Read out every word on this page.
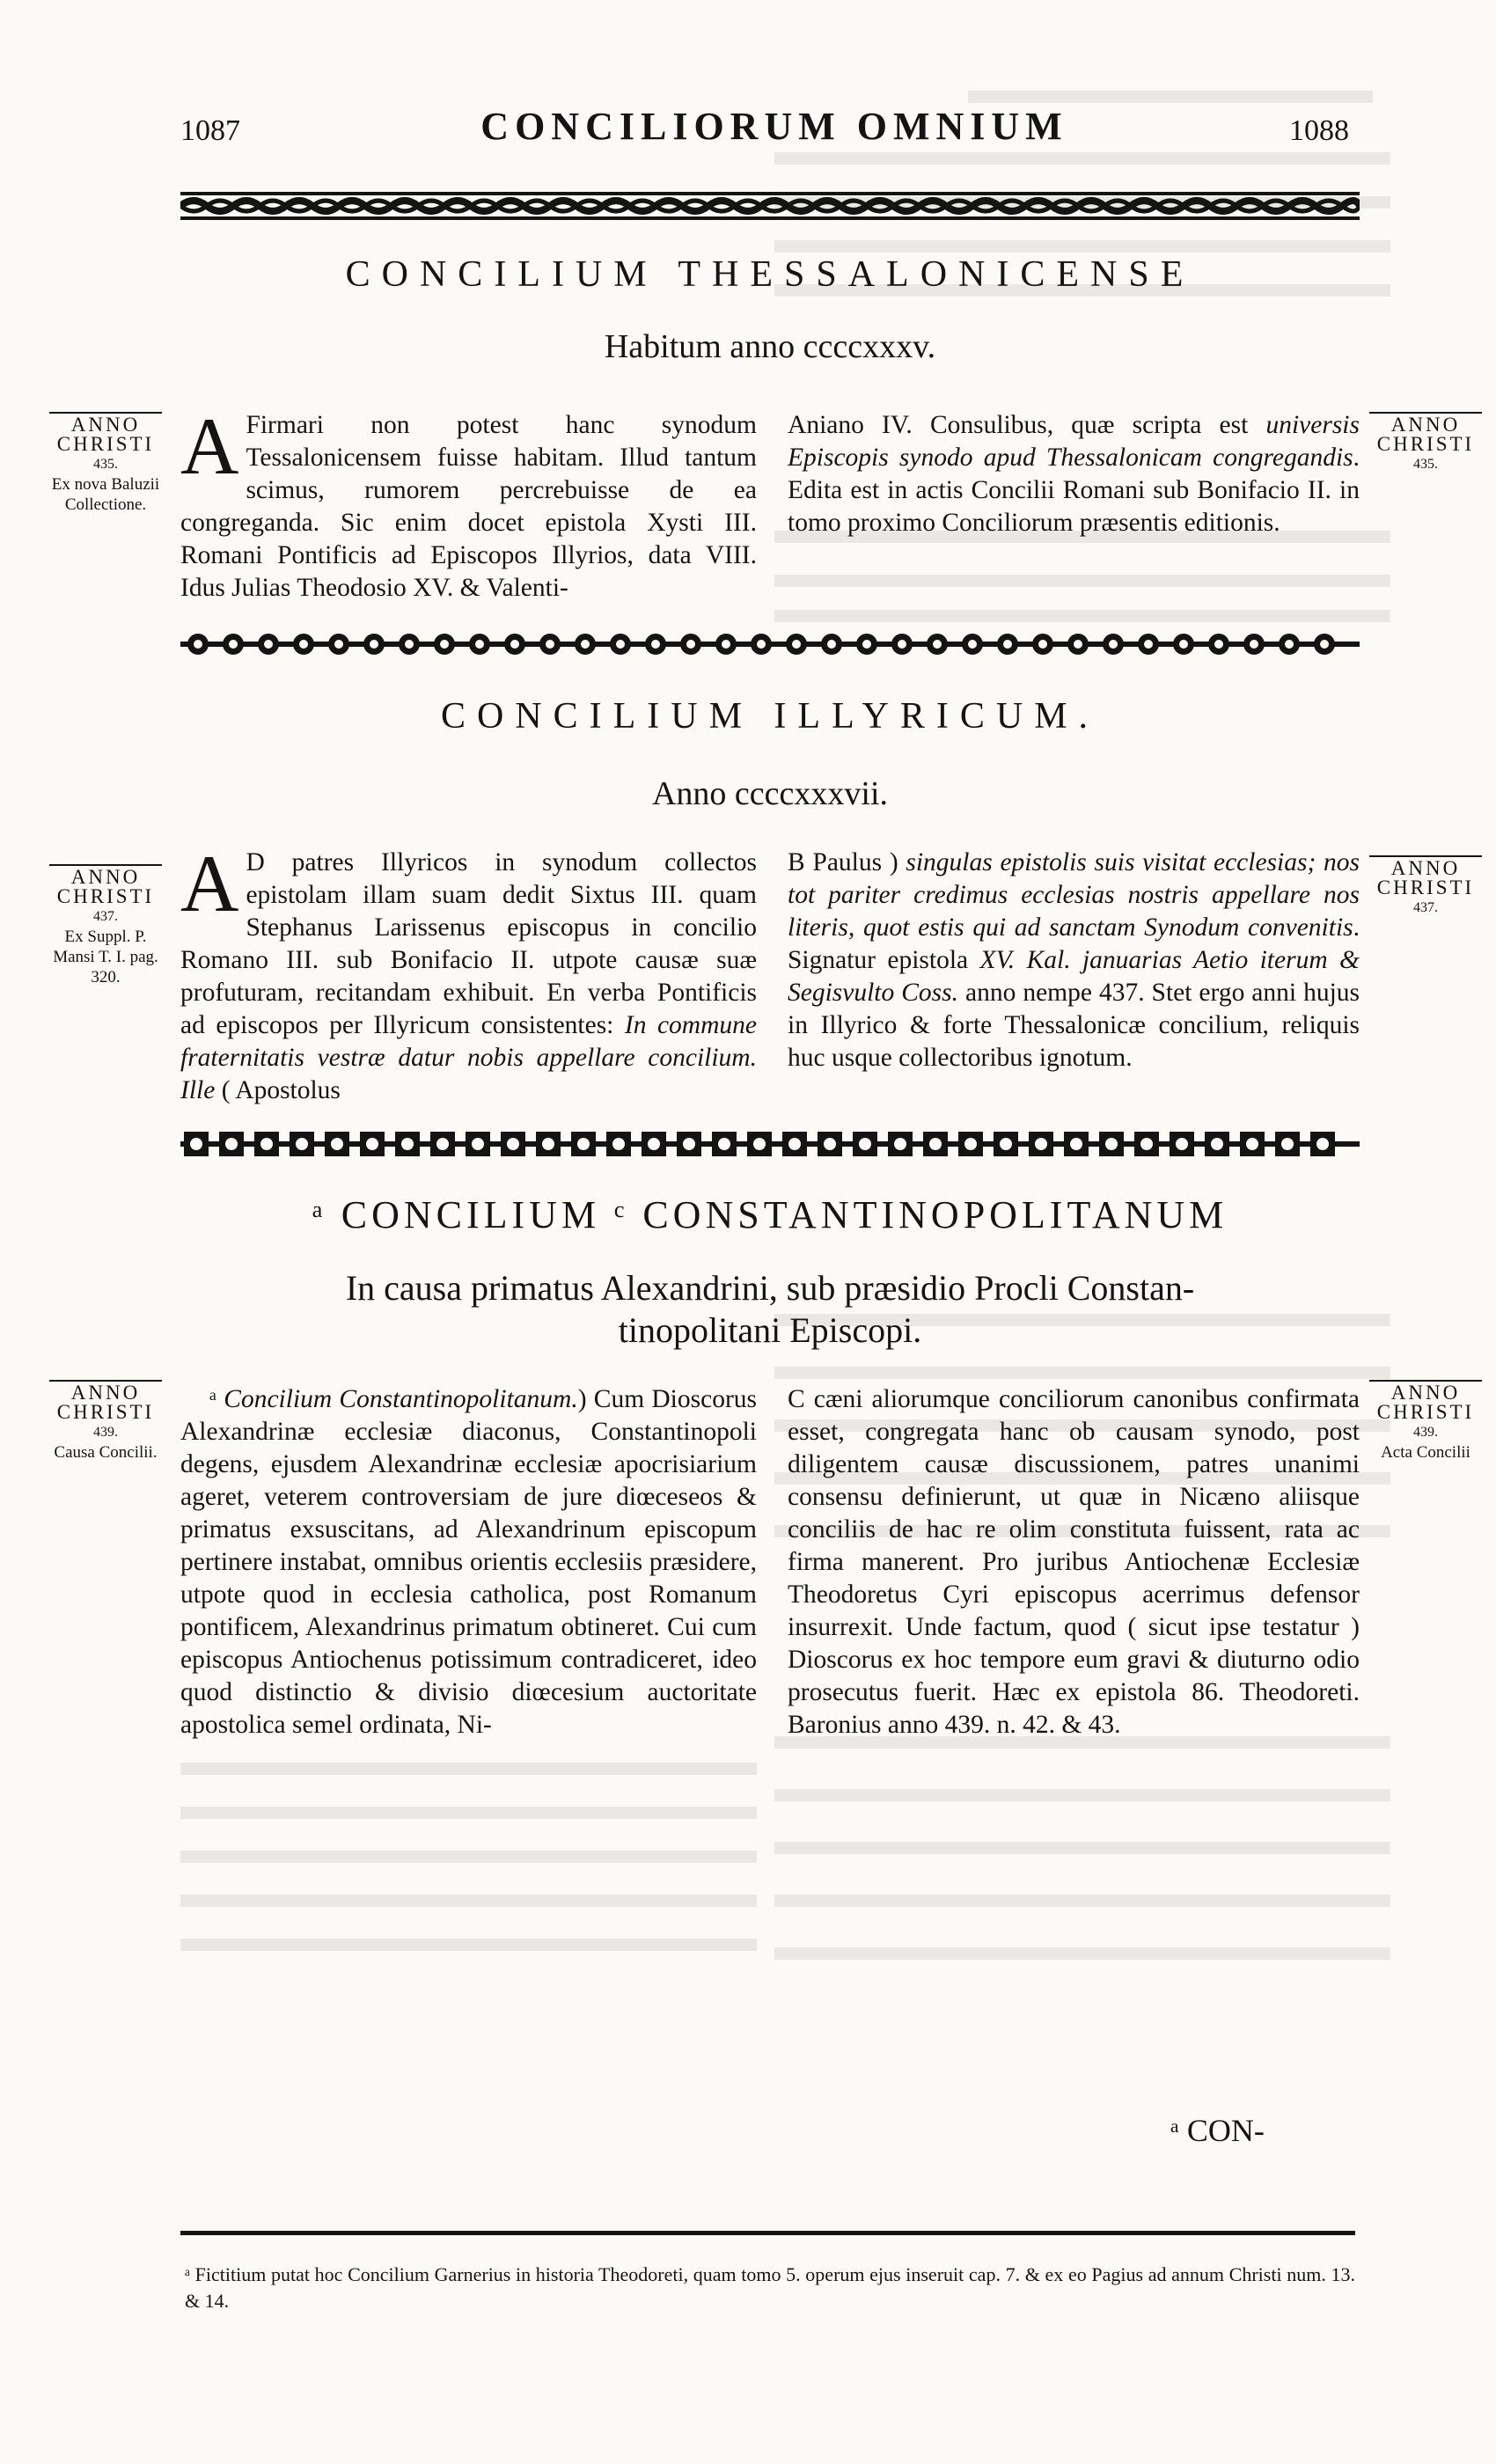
1087	CONCILIORUM OMNIUM	1088
CONCILIUM THESSALONICENSE
Habitum anno ccccxxxv.
ANNO
CHRISTI
435.
Ex nova Baluzii Collectione.
ANNO
CHRISTI
435.

A Firmari non potest hanc synodum Tessalonicensem fuisse habitam. Illud tantum scimus, rumorem percrebuisse de ea congreganda. Sic enim docet epistola Xysti III. Romani Pontificis ad Episcopos Illyrios, data VIII. Idus Julias Theodosio XV. & Valenti-

Aniano IV. Consulibus, quæ scripta est universis Episcopis synodo apud Thessalonicam congregandis. Edita est in actis Concilii Romani sub Bonifacio II. in tomo proximo Conciliorum præsentis editionis.

CONCILIUM ILLYRICUM.
Anno ccccxxxvii.
ANNO
CHRISTI
437.
Ex Suppl. P. Mansi T. I. pag. 320.
ANNO
CHRISTI
437.

A D patres Illyricos in synodum collectos epistolam illam suam dedit Sixtus III. quam Stephanus Larissenus episcopus in concilio Romano III. sub Bonifacio II. utpote causæ suæ profuturam, recitandam exhibuit. En verba Pontificis ad episcopos per Illyricum consistentes: In commune fraternitatis vestræ datur nobis appellare concilium. Ille ( Apostolus

B Paulus ) singulas epistolis suis visitat ecclesias; nos tot pariter credimus ecclesias nostris appellare nos literis, quot estis qui ad sanctam Synodum convenitis. Signatur epistola XV. Kal. januarias Aetio iterum & Segisvulto Coss. anno nempe 437. Stet ergo anni hujus in Illyrico & forte Thessalonicæ concilium, reliquis huc usque collectoribus ignotum.

ᵃ CONCILIUM ᶜ CONSTANTINOPOLITANUM
In causa primatus Alexandrini, sub præsidio Procli Constan-
tinopolitani Episcopi.
ANNO
CHRISTI
439.
Causa Concilii.
ANNO
CHRISTI
439.
Acta Concilii

ᵃ Concilium Constantinopolitanum.) Cum Dioscorus Alexandrinæ ecclesiæ diaconus, Constantinopoli degens, ejusdem Alexandrinæ ecclesiæ apocrisiarium ageret, veterem controversiam de jure diœceseos & primatus exsuscitans, ad Alexandrinum episcopum pertinere instabat, omnibus orientis ecclesiis præsidere, utpote quod in ecclesia catholica, post Romanum pontificem, Alexandrinus primatum obtineret. Cui cum episcopus Antiochenus potissimum contradiceret, ideo quod distinctio & divisio diœcesium auctoritate apostolica semel ordinata, Ni-

C cæni aliorumque conciliorum canonibus confirmata esset, congregata hanc ob causam synodo, post diligentem causæ discussionem, patres unanimi consensu definierunt, ut quæ in Nicæno aliisque conciliis de hac re olim constituta fuissent, rata ac firma manerent. Pro juribus Antiochenæ Ecclesiæ Theodoretus Cyri episcopus acerrimus defensor insurrexit. Unde factum, quod ( sicut ipse testatur ) Dioscorus ex hoc tempore eum gravi & diuturno odio prosecutus fuerit. Hæc ex epistola 86. Theodoreti. Baronius anno 439. n. 42. & 43.

ᵃ CON-
ᵃ Fictitium putat hoc Concilium Garnerius in historia Theodoreti, quam tomo 5. operum ejus inseruit cap. 7. & ex eo Pagius ad annum Christi num. 13. & 14.
